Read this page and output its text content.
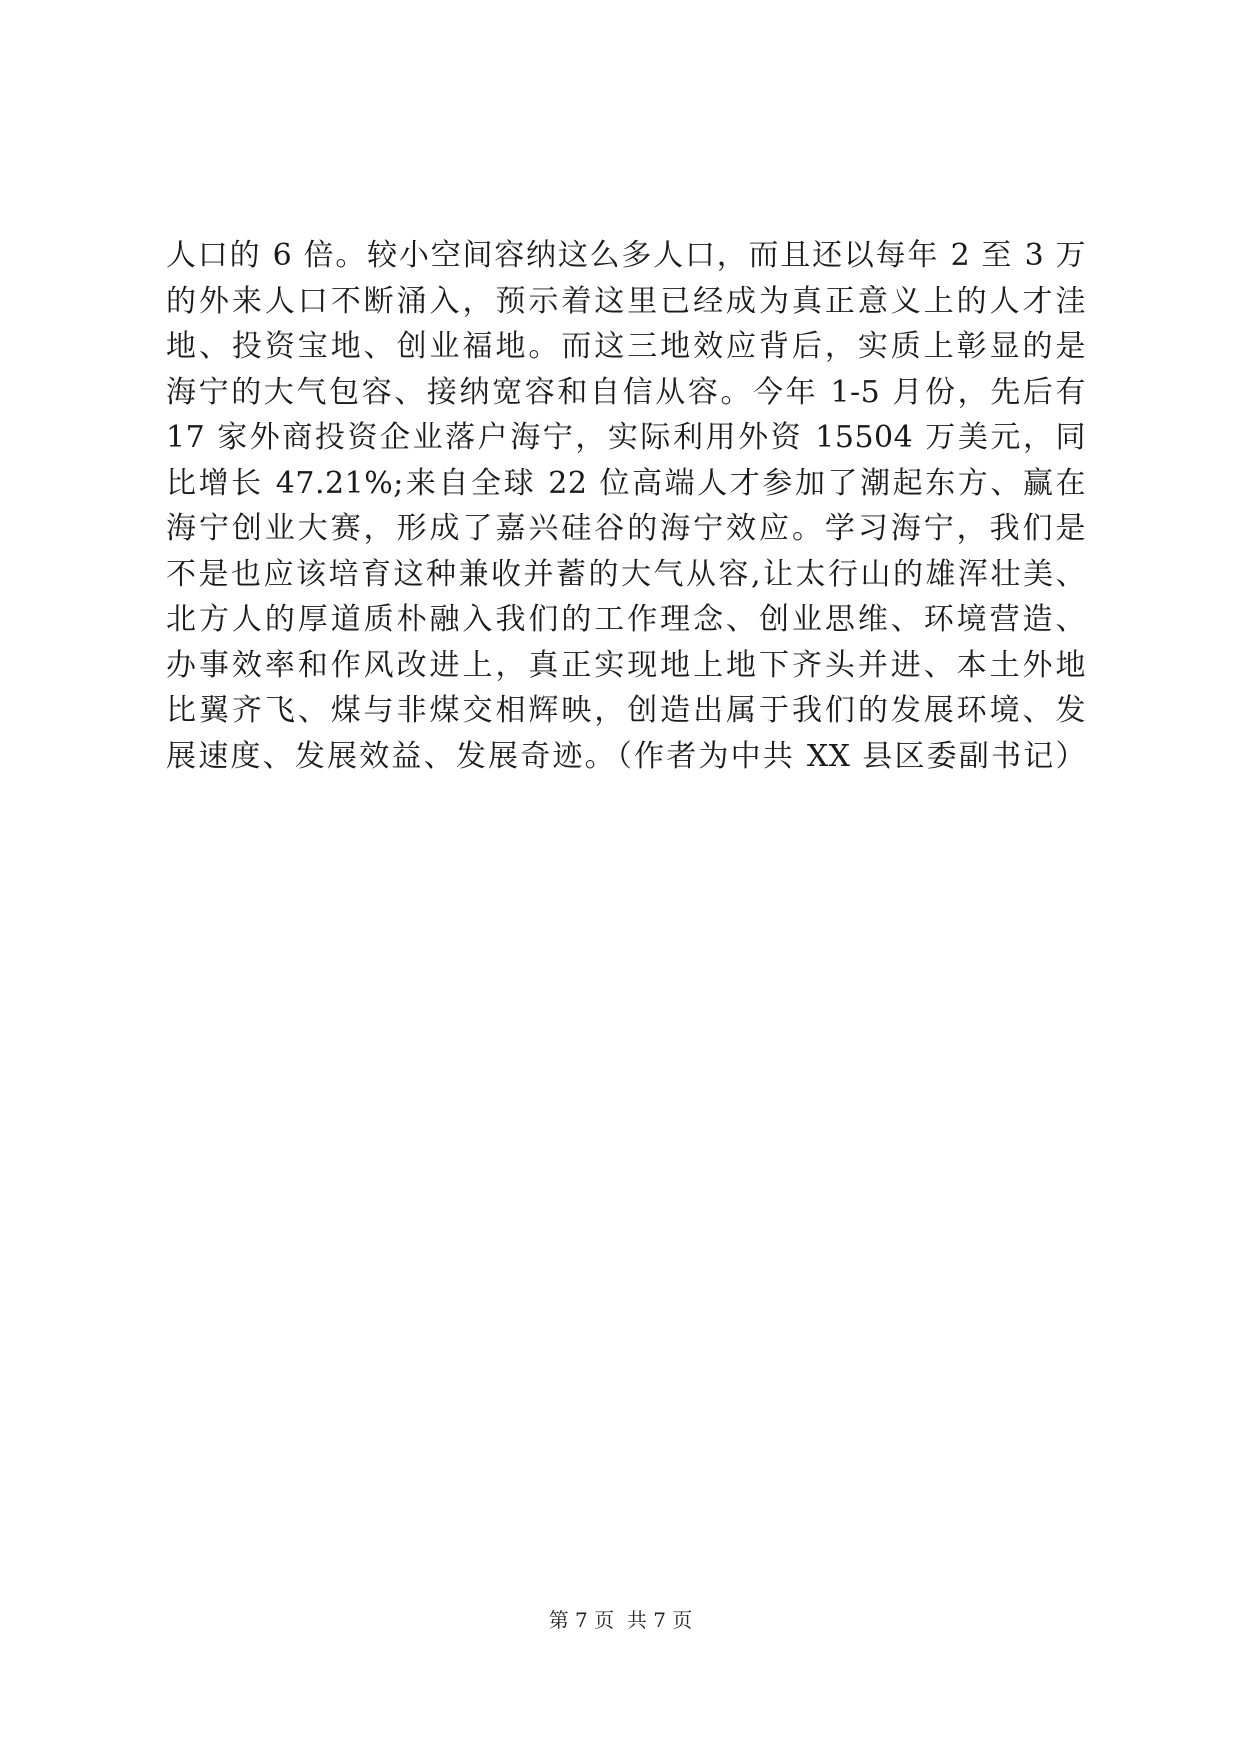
人口的 6 倍。较小空间容纳这么多人口，而且还以每年 2 至 3 万
的外来人口不断涌入，预示着这里已经成为真正意义上的人才洼
地、投资宝地、创业福地。而这三地效应背后，实质上彰显的是
海宁的大气包容、接纳宽容和自信从容。今年 1-5 月份，先后有
17 家外商投资企业落户海宁，实际利用外资 15504 万美元，同
比增长 47.21%;来自全球 22 位高端人才参加了潮起东方、赢在
海宁创业大赛，形成了嘉兴硅谷的海宁效应。学习海宁，我们是
不是也应该培育这种兼收并蓄的大气从容,让太行山的雄浑壮美、
北方人的厚道质朴融入我们的工作理念、创业思维、环境营造、
办事效率和作风改进上，真正实现地上地下齐头并进、本土外地
比翼齐飞、煤与非煤交相辉映，创造出属于我们的发展环境、发
展速度、发展效益、发展奇迹。（作者为中共 XX 县区委副书记）
第 7 页  共 7 页
